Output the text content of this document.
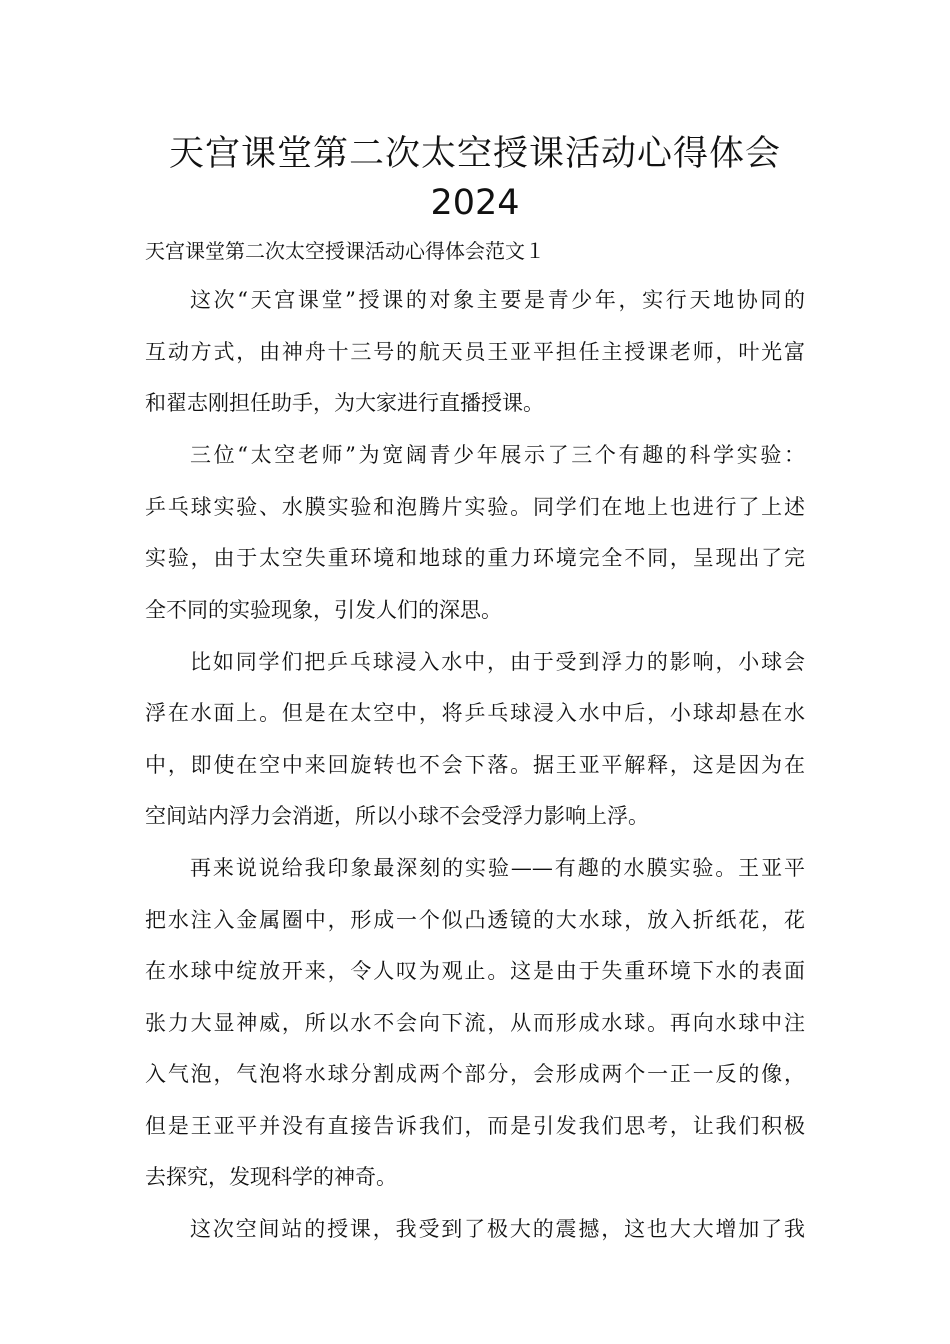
天宫课堂第二次太空授课活动心得体会
2024
天宫课堂第二次太空授课活动心得体会范文１
这次“天宫课堂”授课的对象主要是青少年，实行天地协同的
互动方式，由神舟十三号的航天员王亚平担任主授课老师，叶光富
和翟志刚担任助手，为大家进行直播授课。
三位“太空老师”为宽阔青少年展示了三个有趣的科学实验：
乒乓球实验、水膜实验和泡腾片实验。同学们在地上也进行了上述
实验，由于太空失重环境和地球的重力环境完全不同，呈现出了完
全不同的实验现象，引发人们的深思。
比如同学们把乒乓球浸入水中，由于受到浮力的影响，小球会
浮在水面上。但是在太空中，将乒乓球浸入水中后，小球却悬在水
中，即使在空中来回旋转也不会下落。据王亚平解释，这是因为在
空间站内浮力会消逝，所以小球不会受浮力影响上浮。
再来说说给我印象最深刻的实验——有趣的水膜实验。王亚平
把水注入金属圈中，形成一个似凸透镜的大水球，放入折纸花，花
在水球中绽放开来，令人叹为观止。这是由于失重环境下水的表面
张力大显神威，所以水不会向下流，从而形成水球。再向水球中注
入气泡，气泡将水球分割成两个部分，会形成两个一正一反的像，
但是王亚平并没有直接告诉我们，而是引发我们思考，让我们积极
去探究，发现科学的神奇。
这次空间站的授课，我受到了极大的震撼，这也大大增加了我
